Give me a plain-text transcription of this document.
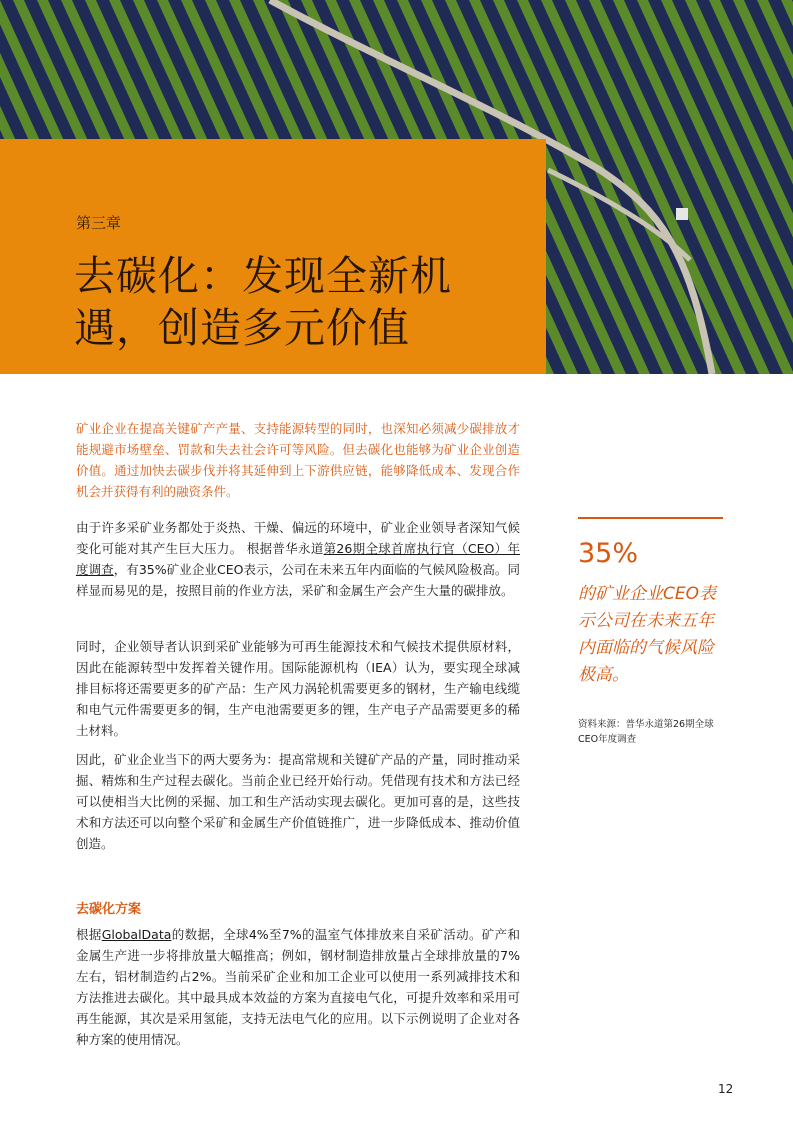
第三章
去碳化：发现全新机
遇，创造多元价值

矿业企业在提高关键矿产产量、支持能源转型的同时，也深知必须减少碳排放才能规避市场壁垒、罚款和失去社会许可等风险。但去碳化也能够为矿业企业创造价值。通过加快去碳步伐并将其延伸到上下游供应链，能够降低成本、发现合作机会并获得有利的融资条件。

由于许多采矿业务都处于炎热、干燥、偏远的环境中，矿业企业领导者深知气候变化可能对其产生巨大压力。 根据普华永道第26期全球首席执行官（CEO）年度调查，有35%矿业企业CEO表示，公司在未来五年内面临的气候风险极高。同样显而易见的是，按照目前的作业方法，采矿和金属生产会产生大量的碳排放。

同时，企业领导者认识到采矿业能够为可再生能源技术和气候技术提供原材料，因此在能源转型中发挥着关键作用。国际能源机构（IEA）认为，要实现全球减排目标将还需要更多的矿产品：生产风力涡轮机需要更多的钢材，生产输电线缆和电气元件需要更多的铜，生产电池需要更多的锂，生产电子产品需要更多的稀土材料。

因此，矿业企业当下的两大要务为：提高常规和关键矿产品的产量，同时推动采掘、精炼和生产过程去碳化。当前企业已经开始行动。凭借现有技术和方法已经可以使相当大比例的采掘、加工和生产活动实现去碳化。更加可喜的是，这些技术和方法还可以向整个采矿和金属生产价值链推广，进一步降低成本、推动价值创造。

去碳化方案

根据GlobalData的数据，全球4%至7%的温室气体排放来自采矿活动。矿产和金属生产进一步将排放量大幅推高；例如，钢材制造排放量占全球排放量的7%左右，铝材制造约占2%。当前采矿企业和加工企业可以使用一系列减排技术和方法推进去碳化。其中最具成本效益的方案为直接电气化，可提升效率和采用可再生能源，其次是采用氢能，支持无法电气化的应用。以下示例说明了企业对各种方案的使用情况。

35%

的矿业企业CEO表示公司在未来五年内面临的气候风险极高。

资料来源：普华永道第26期全球CEO年度调查
12
